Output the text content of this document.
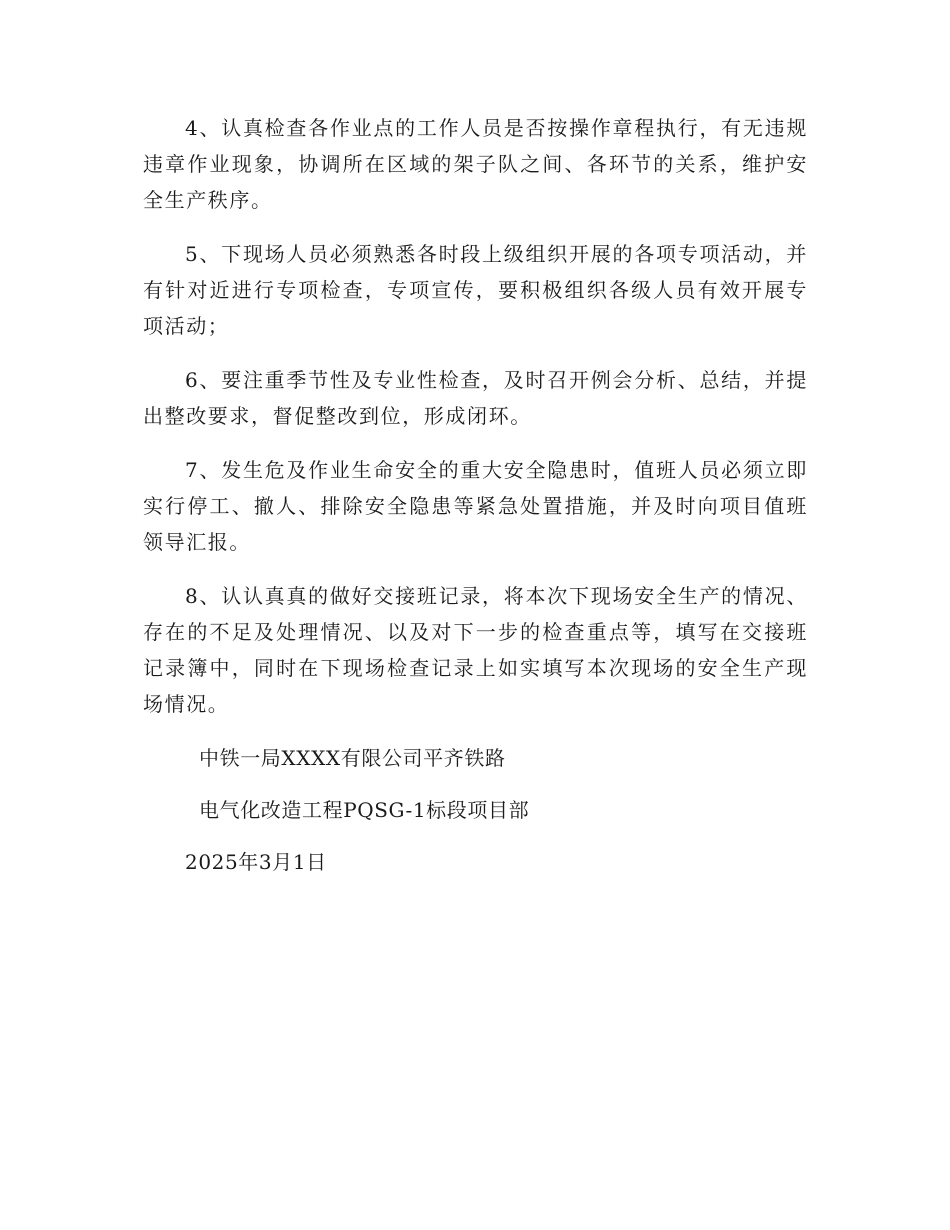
4、认真检查各作业点的工作人员是否按操作章程执行，有无违规违章作业现象，协调所在区域的架子队之间、各环节的关系，维护安全生产秩序。

5、下现场人员必须熟悉各时段上级组织开展的各项专项活动，并有针对近进行专项检查，专项宣传，要积极组织各级人员有效开展专项活动；

6、要注重季节性及专业性检查，及时召开例会分析、总结，并提出整改要求，督促整改到位，形成闭环。

7、发生危及作业生命安全的重大安全隐患时，值班人员必须立即实行停工、撤人、排除安全隐患等紧急处置措施，并及时向项目值班领导汇报。

8、认认真真的做好交接班记录，将本次下现场安全生产的情况、存在的不足及处理情况、以及对下一步的检查重点等，填写在交接班记录簿中，同时在下现场检查记录上如实填写本次现场的安全生产现场情况。

中铁一局XXXX有限公司平齐铁路

电气化改造工程PQSG-1标段项目部

2025年3月1日
